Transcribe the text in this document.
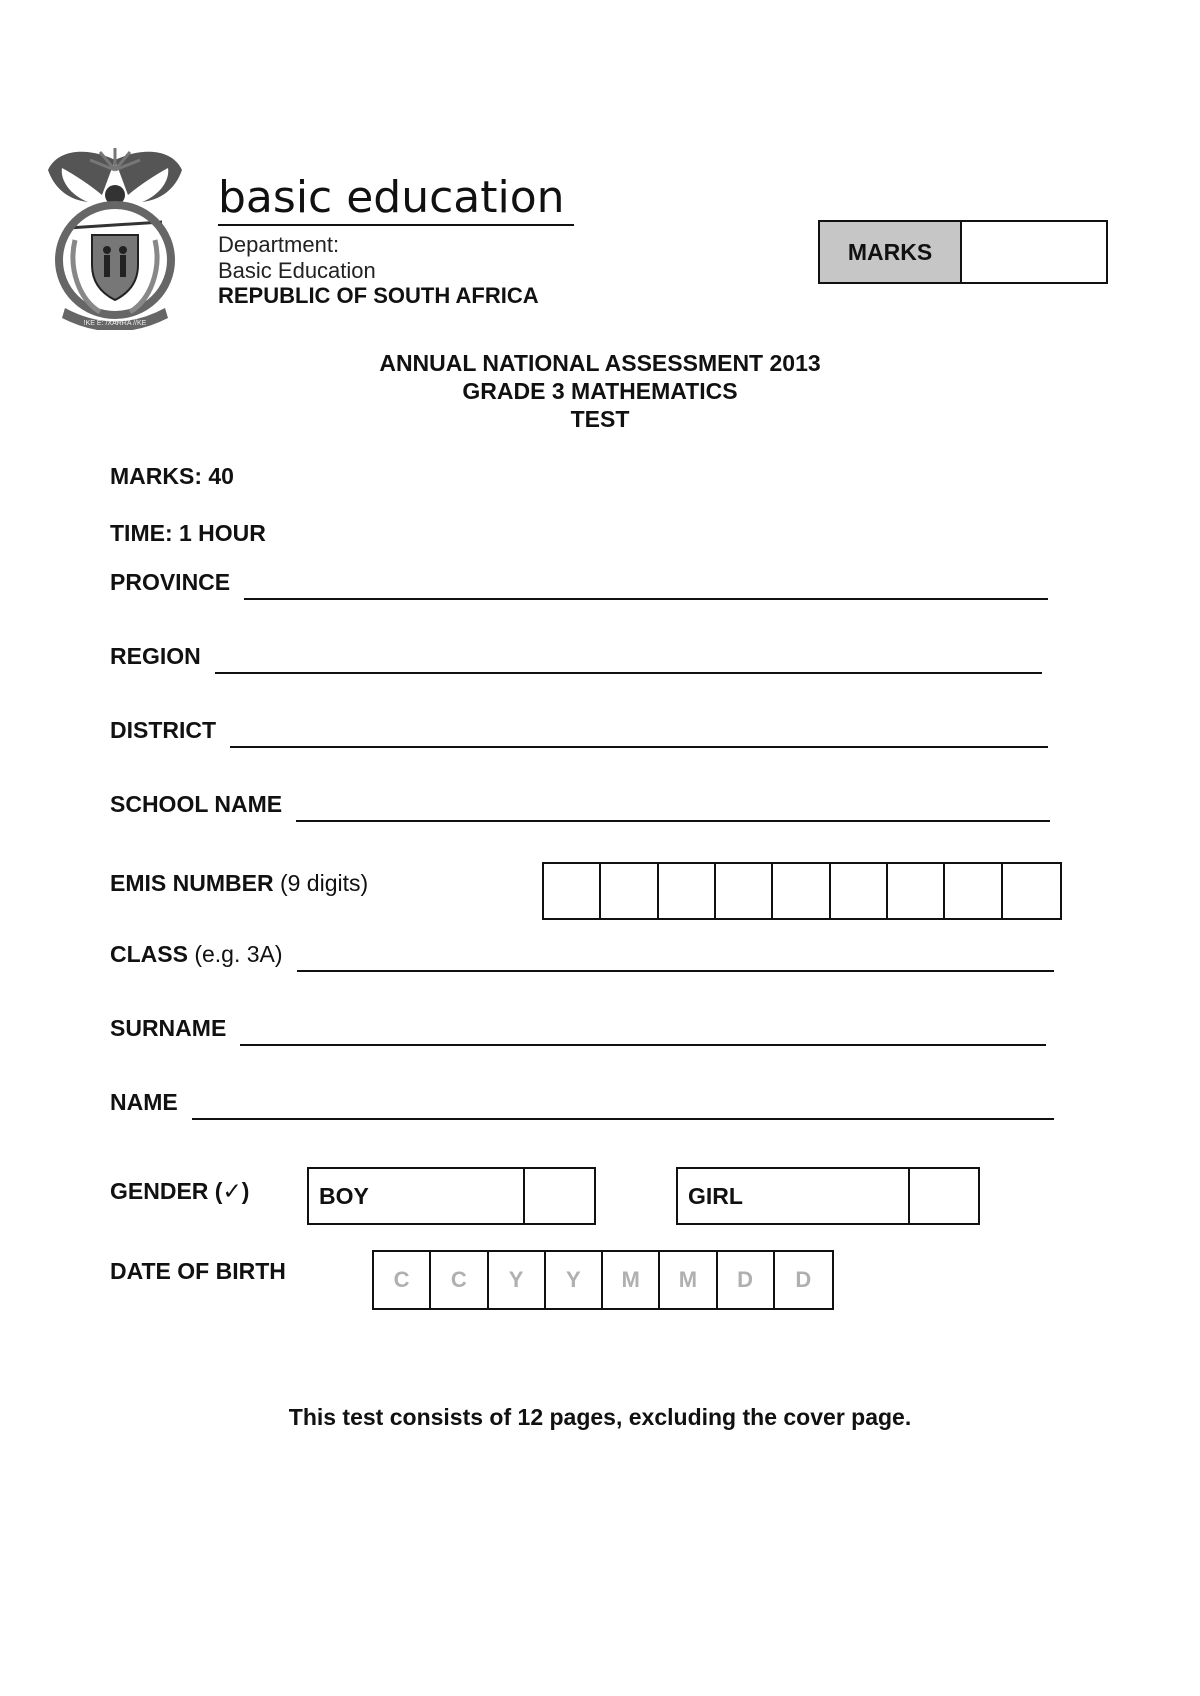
!KE E: /XARRA //KE
basic education
Department:
Basic Education
REPUBLIC OF SOUTH AFRICA
MARKS
ANNUAL NATIONAL ASSESSMENT 2013
GRADE 3 MATHEMATICS
TEST
MARKS: 40
TIME: 1 HOUR
PROVINCE
REGION
DISTRICT
SCHOOL NAME
EMIS NUMBER (9 digits)
CLASS (e.g. 3A)
SURNAME
NAME
GENDER (✓)	BOY	GIRL
DATE OF BIRTH	C	C	Y	Y	M	M	D	D
This test consists of 12 pages, excluding the cover page.
